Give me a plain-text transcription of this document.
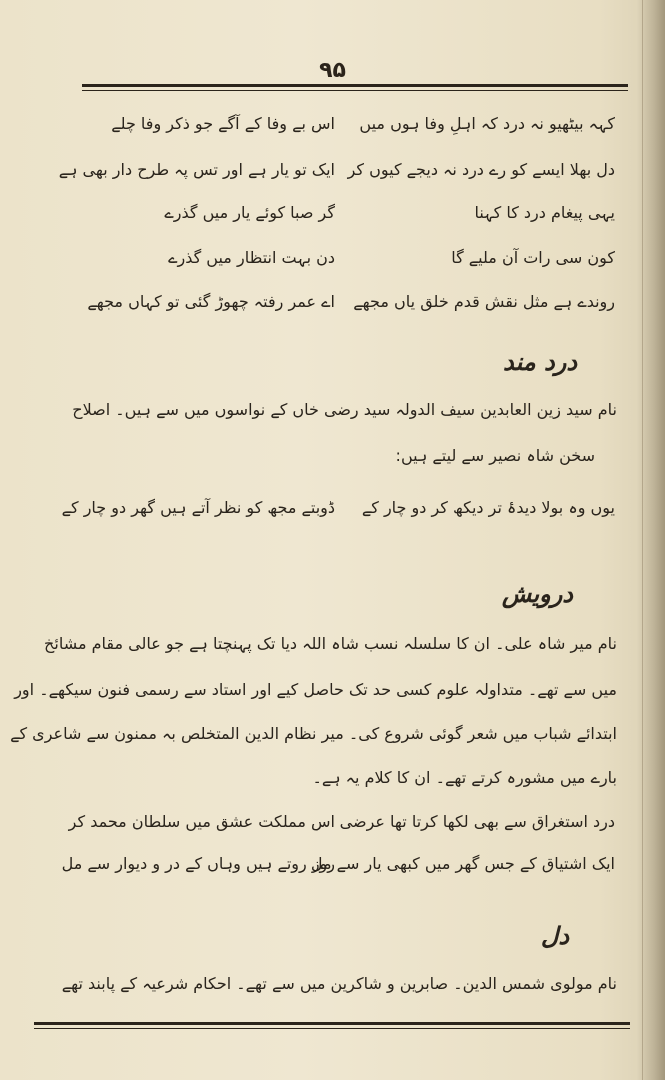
۹۵
کہہ بیٹھیو نہ درد کہ اہلِ وفا ہوں میں
اس بے وفا کے آگے جو ذکر وفا چلے
دل بھلا ایسے کو رے درد نہ دیجے کیوں کر
ایک تو یار ہے اور تس پہ طرح دار بھی ہے
یہی پیغام درد کا کہنا
گر صبا کوئے یار میں گذرے
کون سی رات آن ملیے گا
دن بہت انتظار میں گذرے
روندے ہے مثل نقش قدم خلق یاں مجھے
اے عمر رفتہ چھوڑ گئی تو کہاں مجھے
درد مند
نام سید زین العابدین سیف الدولہ سید رضی خاں کے نواسوں میں سے ہیں۔ اصلاح
سخن شاہ نصیر سے لیتے ہیں:
یوں وہ بولا دیدۂ تر دیکھ کر دو چار کے
ڈوبتے مجھ کو نظر آتے ہیں گھر دو چار کے
درویش
نام میر شاہ علی۔ ان کا سلسلہ نسب شاہ اللہ دیا تک پہنچتا ہے جو عالی مقام مشائخ
میں سے تھے۔ متداولہ علوم کسی حد تک حاصل کیے اور استاد سے رسمی فنون سیکھے۔ اور
ابتدائے شباب میں شعر گوئی شروع کی۔ میر نظام الدین المتخلص بہ ممنون سے شاعری کے
بارے میں مشورہ کرتے تھے۔ ان کا کلام یہ ہے۔
درد استغراق سے بھی لکھا کرتا تھا عرضی
اس مملکت عشق میں سلطان محمد کر
ایک اشتیاق کے جس گھر میں کبھی یار سے مل
روز روتے ہیں وہاں کے در و دیوار سے مل
دل
نام مولوی شمس الدین۔ صابرین و شاکرین میں سے تھے۔ احکام شرعیہ کے پابند تھے
